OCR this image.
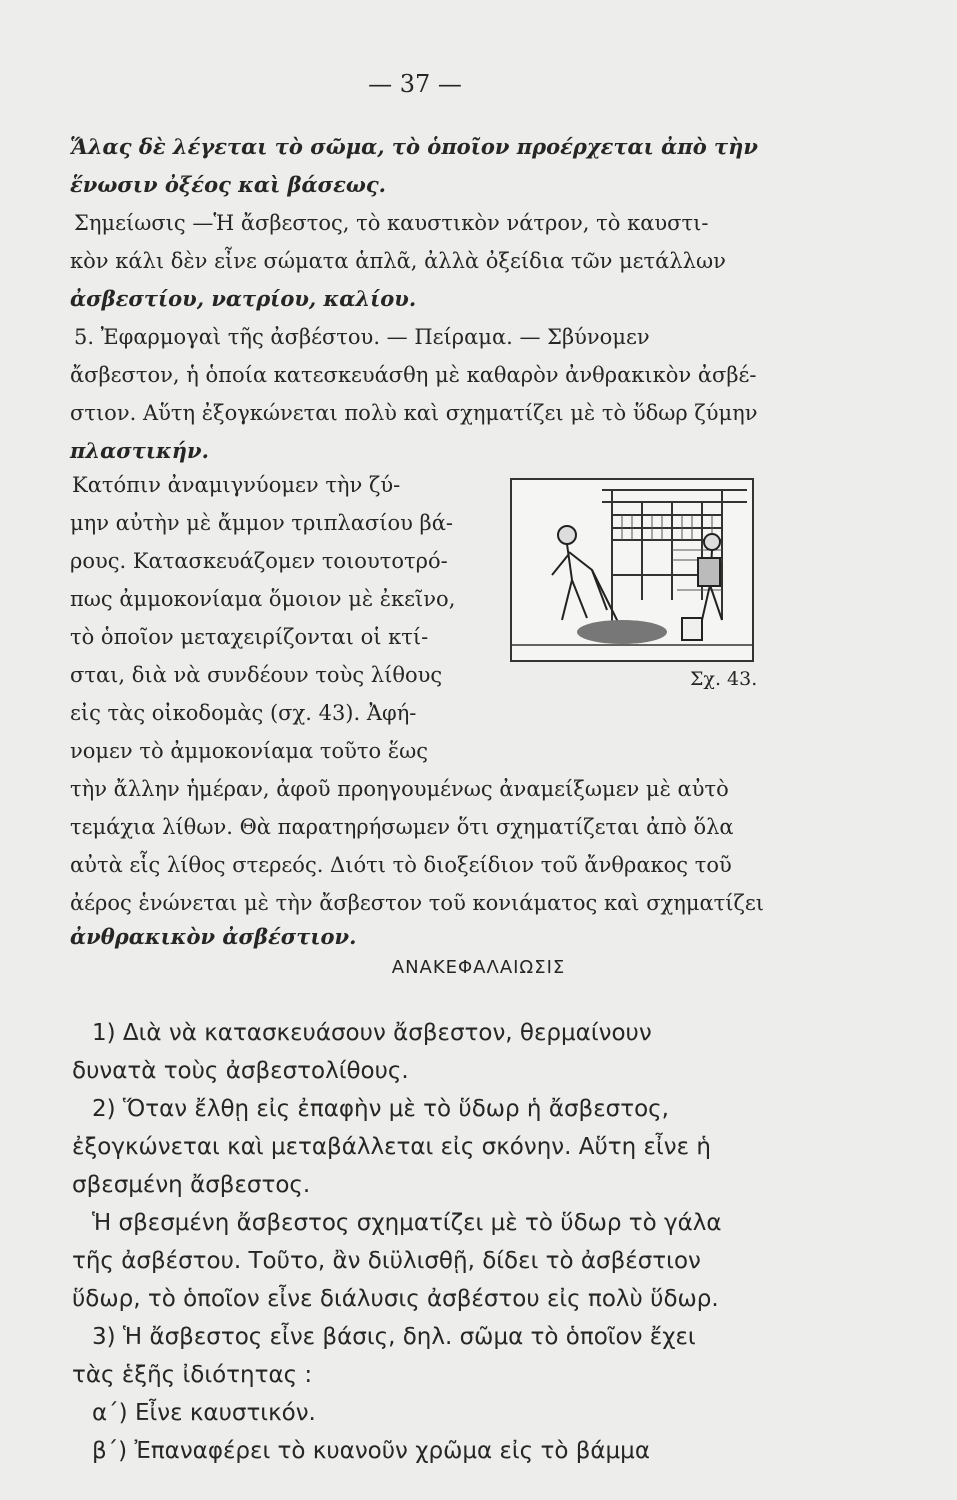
— 37 —
Ἅλας δὲ λέγεται τὸ σῶμα, τὸ ὁποῖον προέρχεται ἀπὸ τὴν
ἕνωσιν ὀξέος καὶ βάσεως.
Σημείωσις —Ἡ ἄσβεστος, τὸ καυστικὸν νάτρον, τὸ καυστι-
κὸν κάλι δὲν εἶνε σώματα ἁπλᾶ, ἀλλὰ ὀξείδια τῶν μετάλλων
ἀσβεστίου, νατρίου, καλίου.
5. Ἐφαρμογαὶ τῆς ἀσβέστου. — Πείραμα. — Σβύνομεν
ἄσβεστον, ἡ ὁποία κατεσκευάσθη μὲ καθαρὸν ἀνθρακικὸν ἀσβέ-
στιον. Αὕτη ἐξογκώνεται πολὺ καὶ σχηματίζει μὲ τὸ ὕδωρ ζύμην
πλαστικήν.
Κατόπιν ἀναμιγνύομεν τὴν ζύ-
μην αὐτὴν μὲ ἄμμον τριπλασίου βά-
ρους. Κατασκευάζομεν τοιουτοτρό-
πως ἀμμοκονίαμα ὅμοιον μὲ ἐκεῖνο,
τὸ ὁποῖον μεταχειρίζονται οἱ κτί-
σται, διὰ νὰ συνδέουν τοὺς λίθους
εἰς τὰς οἰκοδομὰς (σχ. 43). Ἀφή-
Σχ. 43.
νομεν τὸ ἀμμοκονίαμα τοῦτο ἕως
τὴν ἄλλην ἡμέραν, ἀφοῦ προηγουμένως ἀναμείξωμεν μὲ αὐτὸ
τεμάχια λίθων. Θὰ παρατηρήσωμεν ὅτι σχηματίζεται ἀπὸ ὅλα
αὐτὰ εἷς λίθος στερεός. Διότι τὸ διοξείδιον τοῦ ἄνθρακος τοῦ
ἀέρος ἑνώνεται μὲ τὴν ἄσβεστον τοῦ κονιάματος καὶ σχηματίζει
ἀνθρακικὸν ἀσβέστιον.
ΑΝΑΚΕΦΑΛΑΙΩΣΙΣ
1) Διὰ νὰ κατασκευάσουν ἄσβεστον, θερμαίνουν
δυνατὰ τοὺς ἀσβεστολίθους.
2) Ὅταν ἔλθῃ εἰς ἐπαφὴν μὲ τὸ ὕδωρ ἡ ἄσβεστος,
ἐξογκώνεται καὶ μεταβάλλεται εἰς σκόνην. Αὕτη εἶνε ἡ
σβεσμένη ἄσβεστος.
Ἡ σβεσμένη ἄσβεστος σχηματίζει μὲ τὸ ὕδωρ τὸ γάλα
τῆς ἀσβέστου. Τοῦτο, ἂν διϋλισθῇ, δίδει τὸ ἀσβέστιον
ὕδωρ, τὸ ὁποῖον εἶνε διάλυσις ἀσβέστου εἰς πολὺ ὕδωρ.
3) Ἡ ἄσβεστος εἶνε βάσις, δηλ. σῶμα τὸ ὁποῖον ἔχει
τὰς ἑξῆς ἰδιότητας :
α΄) Εἶνε καυστικόν.
β΄) Ἐπαναφέρει τὸ κυανοῦν χρῶμα εἰς τὸ βάμμα
